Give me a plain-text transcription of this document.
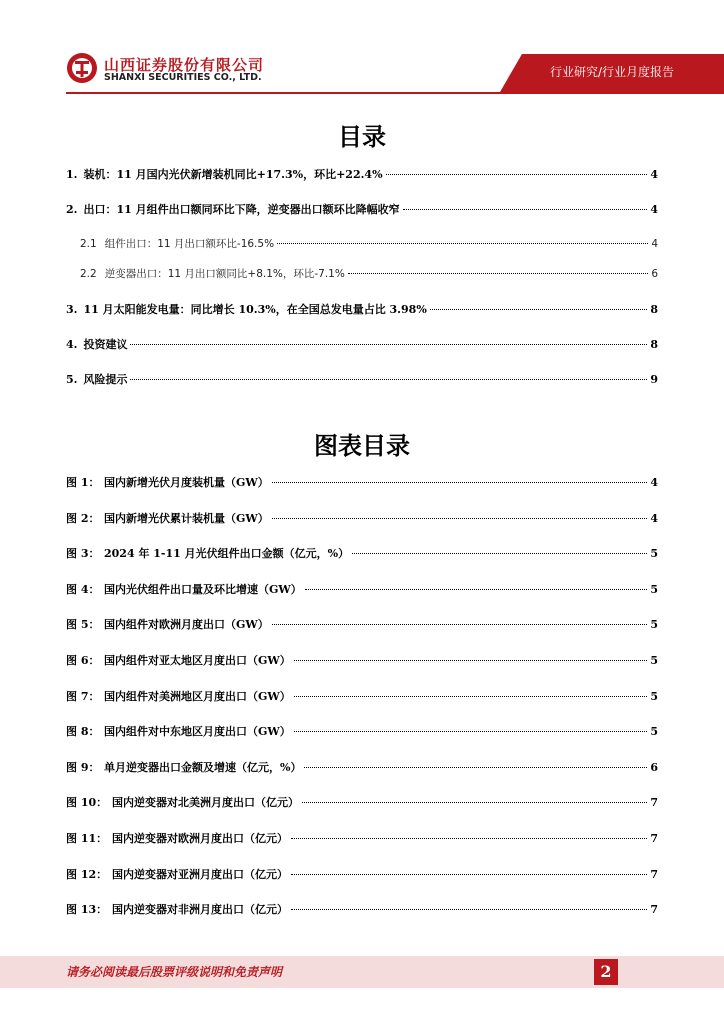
山西证券股份有限公司
SHANXI SECURITIES CO., LTD.	行业研究/行业月度报告
目录
1. 装机：11 月国内光伏新增装机同比+17.3%，环比+22.4%	4
2. 出口：11 月组件出口额同环比下降，逆变器出口额环比降幅收窄	4
2.1 组件出口：11 月出口额环比-16.5%	4
2.2 逆变器出口：11 月出口额同比+8.1%，环比-7.1%	6
3. 11 月太阳能发电量：同比增长 10.3%，在全国总发电量占比 3.98%	8
4. 投资建议	8
5. 风险提示	9
图表目录
图 1： 国内新增光伏月度装机量（GW）	4
图 2： 国内新增光伏累计装机量（GW）	4
图 3： 2024 年 1-11 月光伏组件出口金额（亿元，%）	5
图 4： 国内光伏组件出口量及环比增速（GW）	5
图 5： 国内组件对欧洲月度出口（GW）	5
图 6： 国内组件对亚太地区月度出口（GW）	5
图 7： 国内组件对美洲地区月度出口（GW）	5
图 8： 国内组件对中东地区月度出口（GW）	5
图 9： 单月逆变器出口金额及增速（亿元，%）	6
图 10： 国内逆变器对北美洲月度出口（亿元）	7
图 11： 国内逆变器对欧洲月度出口（亿元）	7
图 12： 国内逆变器对亚洲月度出口（亿元）	7
图 13： 国内逆变器对非洲月度出口（亿元）	7
请务必阅读最后股票评级说明和免责声明	2
